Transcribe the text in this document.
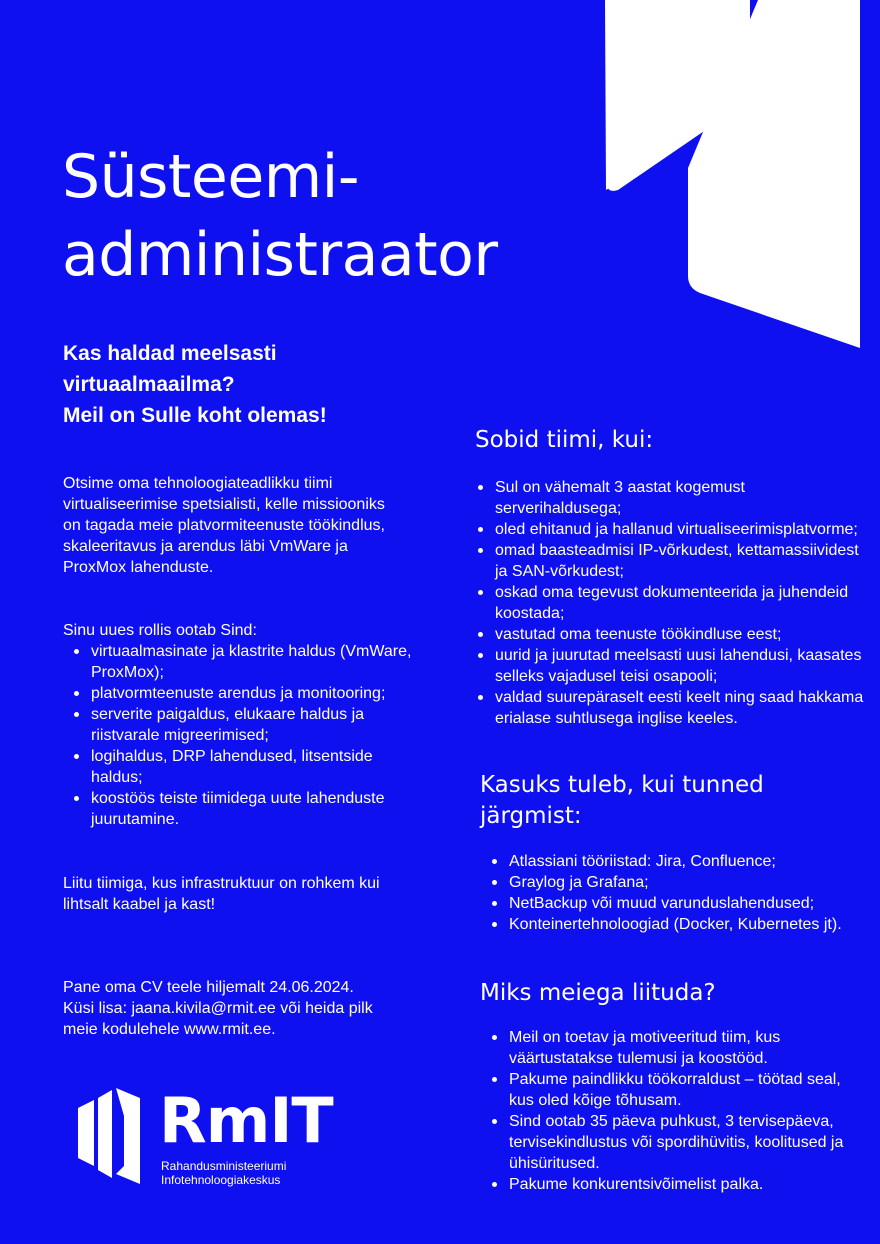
Süsteemi-
administraator
Kas haldad meelsasti
virtuaalmaailma?
Meil on Sulle koht olemas!

Otsime oma tehnoloogiateadlikku tiimi virtualiseerimise spetsialisti, kelle missiooniks on tagada meie platvormiteenuste töökindlus, skaleeritavus ja arendus läbi VmWare ja ProxMox lahenduste.

Sinu uues rollis ootab Sind:

virtuaalmasinate ja klastrite haldus (VmWare, ProxMox);
platvormteenuste arendus ja monitooring;
serverite paigaldus, elukaare haldus ja riistvarale migreerimised;
logihaldus, DRP lahendused, litsentside haldus;
koostöös teiste tiimidega uute lahenduste juurutamine.

Liitu tiimiga, kus infrastruktuur on rohkem kui lihtsalt kaabel ja kast!

Pane oma CV teele hiljemalt 24.06.2024.

Küsi lisa: jaana.kivila@rmit.ee või heida pilk

meie kodulehele www.rmit.ee.

Sobid tiimi, kui:
Sul on vähemalt 3 aastat kogemust serverihaldusega;
oled ehitanud ja hallanud virtualiseerimisplatvorme;
omad baasteadmisi IP-võrkudest, kettamassiividest ja SAN-võrkudest;
oskad oma tegevust dokumenteerida ja juhendeid koostada;
vastutad oma teenuste töökindluse eest;
uurid ja juurutad meelsasti uusi lahendusi, kaasates selleks vajadusel teisi osapooli;
valdad suurepäraselt eesti keelt ning saad hakkama erialase suhtlusega inglise keeles.
Kasuks tuleb, kui tunned järgmist:
Atlassiani tööriistad: Jira, Confluence;
Graylog ja Grafana;
NetBackup või muud varunduslahendused;
Konteinertehnoloogiad (Docker, Kubernetes jt).
Miks meiega liituda?
Meil on toetav ja motiveeritud tiim, kus väärtustatakse tulemusi ja koostööd.
Pakume paindlikku töökorraldust – töötad seal, kus oled kõige tõhusam.
Sind ootab 35 päeva puhkust, 3 tervisepäeva, tervisekindlustus või spordihüvitis, koolitused ja ühisüritused.
Pakume konkurentsivõimelist palka.
RmIT
Rahandusministeeriumi
Infotehnoloogiakeskus
